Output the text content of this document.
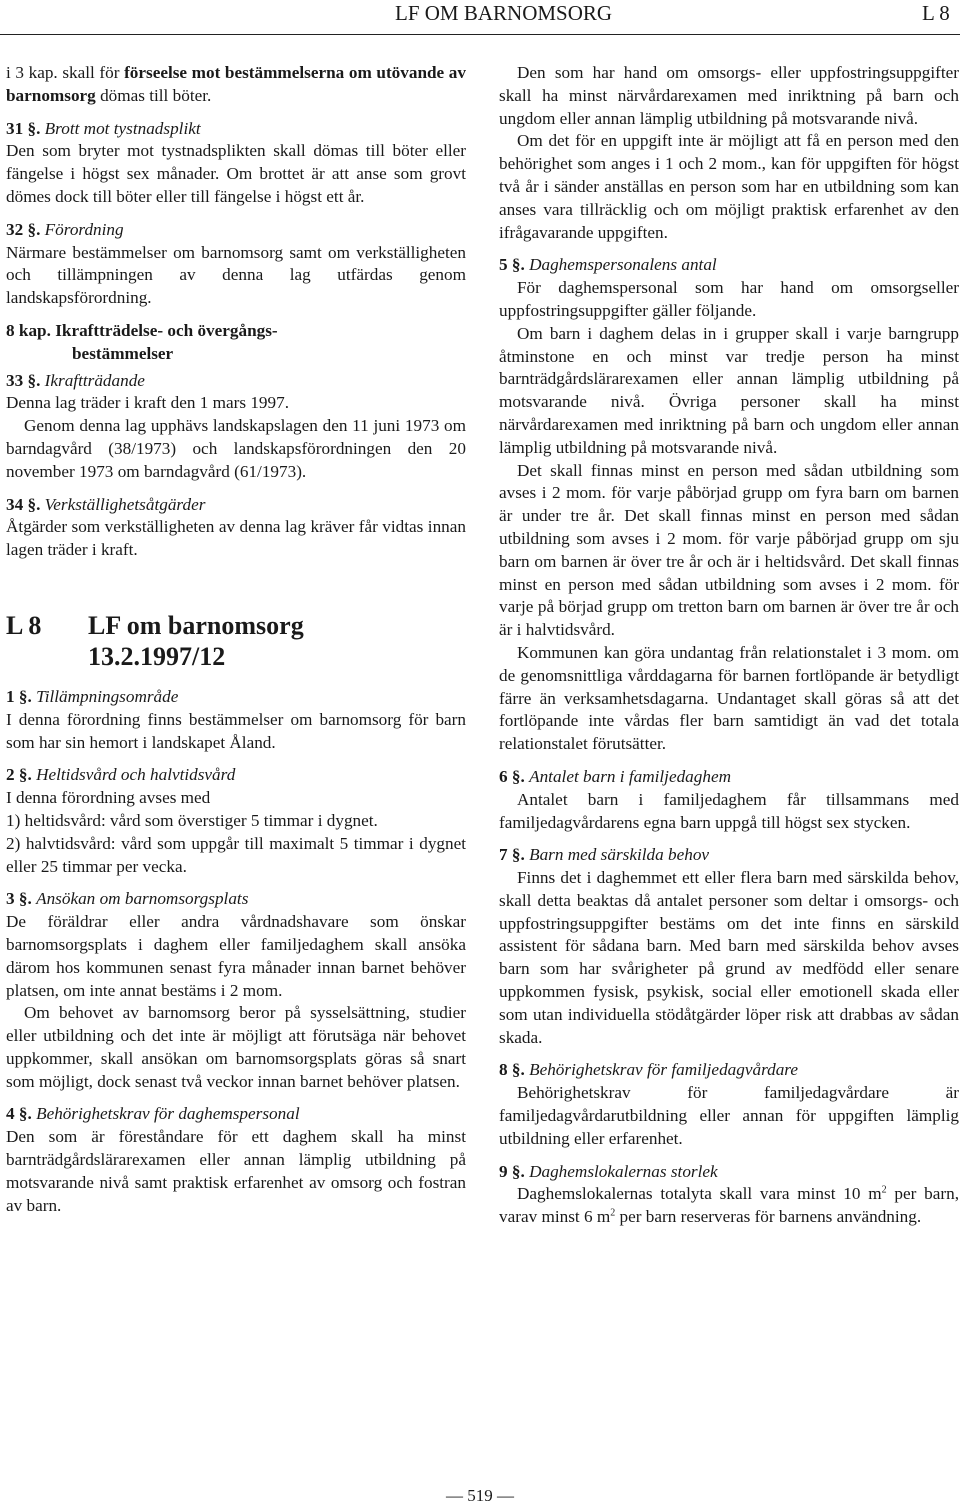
LF OM BARNOMSORG	L 8

i 3 kap. skall för förseelse mot bestämmelserna om utövande av barnomsorg dömas till böter.

31 §. Brott mot tystnadsplikt

Den som bryter mot tystnadsplikten skall dömas till böter eller fängelse i högst sex månader. Om brottet är att anse som grovt dömes dock till böter eller till fängelse i högst ett år.

32 §. Förordning

Närmare bestämmelser om barnomsorg samt om verkställigheten och tillämpningen av denna lag utfärdas genom landskapsförordning.

8 kap. Ikraftträdelse- och övergångs-
bestämmelser

33 §. Ikraftträdande

Denna lag träder i kraft den 1 mars 1997.

Genom denna lag upphävs landskapslagen den 11 juni 1973 om barndagvård (38/1973) och landskapsförordningen den 20 november 1973 om barndagvård (61/1973).

34 §. Verkställighetsåtgärder

Åtgärder som verkställigheten av denna lag kräver får vidtas innan lagen träder i kraft.

L 8	LF om barnomsorg
13.2.1997/12

1 §. Tillämpningsområde

I denna förordning finns bestämmelser om barnomsorg för barn som har sin hemort i landskapet Åland.

2 §. Heltidsvård och halvtidsvård

I denna förordning avses med

1) heltidsvård: vård som överstiger 5 timmar i dygnet.

2) halvtidsvård: vård som uppgår till maximalt 5 timmar i dygnet eller 25 timmar per vecka.

3 §. Ansökan om barnomsorgsplats

De föräldrar eller andra vårdnadshavare som önskar barnomsorgsplats i daghem eller familjedaghem skall ansöka därom hos kommunen senast fyra månader innan barnet behöver platsen, om inte annat bestäms i 2 mom.

Om behovet av barnomsorg beror på sysselsättning, studier eller utbildning och det inte är möjligt att förutsäga när behovet uppkommer, skall ansökan om barnomsorgsplats göras så snart som möjligt, dock senast två veckor innan barnet behöver platsen.

4 §. Behörighetskrav för daghemspersonal

Den som är föreståndare för ett daghem skall ha minst barnträdgårdslärarexamen eller annan lämplig utbildning på motsvarande nivå samt praktisk erfarenhet av omsorg och fostran av barn.

Den som har hand om omsorgs- eller uppfostringsuppgifter skall ha minst närvårdarexamen med inriktning på barn och ungdom eller annan lämplig utbildning på motsvarande nivå.

Om det för en uppgift inte är möjligt att få en person med den behörighet som anges i 1 och 2 mom., kan för uppgiften för högst två år i sänder anställas en person som har en utbildning som kan anses vara tillräcklig och om möjligt praktisk erfarenhet av den ifrågavarande uppgiften.

5 §. Daghemspersonalens antal

För daghemspersonal som har hand om omsorgseller uppfostringsuppgifter gäller följande.

Om barn i daghem delas in i grupper skall i varje barngrupp åtminstone en och minst var tredje person ha minst barnträdgårdslärarexamen eller annan lämplig utbildning på motsvarande nivå. Övriga personer skall ha minst närvårdarexamen med inriktning på barn och ungdom eller annan lämplig utbildning på motsvarande nivå.

Det skall finnas minst en person med sådan utbildning som avses i 2 mom. för varje påbörjad grupp om fyra barn om barnen är under tre år. Det skall finnas minst en person med sådan utbildning som avses i 2 mom. för varje påbörjad grupp om sju barn om barnen är över tre år och är i heltidsvård. Det skall finnas minst en person med sådan utbildning som avses i 2 mom. för varje på börjad grupp om tretton barn om barnen är över tre år och är i halvtidsvård.

Kommunen kan göra undantag från relationstalet i 3 mom. om de genomsnittliga vårddagarna för barnen fortlöpande är betydligt färre än verksamhetsdagarna. Undantaget skall göras så att det fortlöpande inte vårdas fler barn samtidigt än vad det totala relationstalet förutsätter.

6 §. Antalet barn i familjedaghem

Antalet barn i familjedaghem får tillsammans med familjedagvårdarens egna barn uppgå till högst sex stycken.

7 §. Barn med särskilda behov

Finns det i daghemmet ett eller flera barn med särskilda behov, skall detta beaktas då antalet personer som deltar i omsorgs- och uppfostringsuppgifter bestäms om det inte finns en särskild assistent för sådana barn. Med barn med särskilda behov avses barn som har svårigheter på grund av medfödd eller senare uppkommen fysisk, psykisk, social eller emotionell skada eller som utan individuella stödåtgärder löper risk att drabbas av sådan skada.

8 §. Behörighetskrav för familjedagvårdare

Behörighetskrav för familjedagvårdare är familjedagvårdarutbildning eller annan för uppgiften lämplig utbildning eller erfarenhet.

9 §. Daghemslokalernas storlek

Daghemslokalernas totalyta skall vara minst 10 $m^2$ per barn, varav minst 6 $m^2$ per barn reserveras för barnens användning.

— 519 —
